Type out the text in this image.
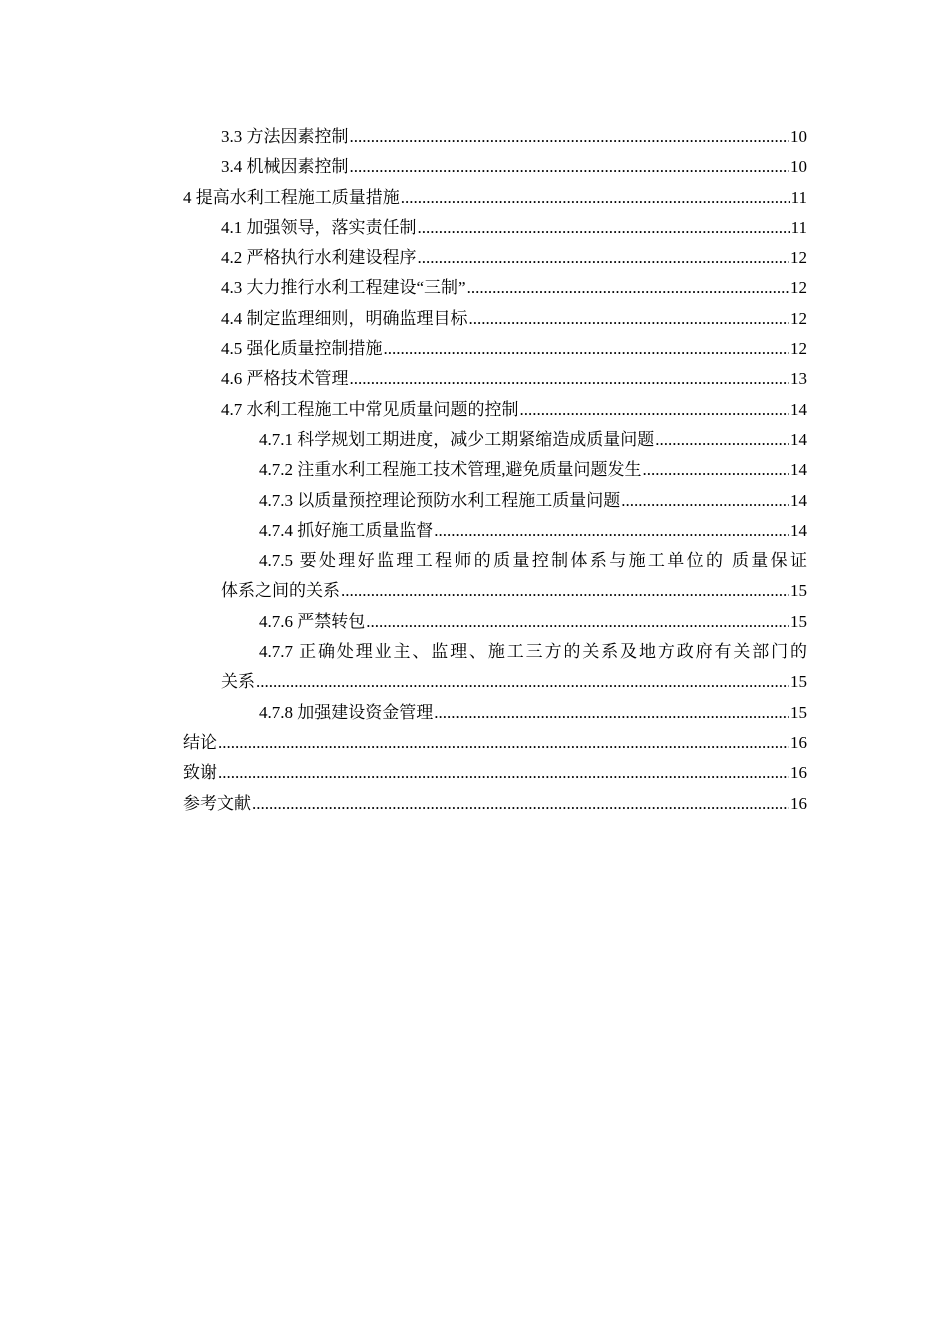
3.3 方法因素控制 .....	10
3.4 机械因素控制 .....	10
4 提高水利工程施工质量措施 .....	11
4.1 加强领导，落实责任制 .....	11
4.2 严格执行水利建设程序 .....	12
4.3 大力推行水利工程建设“三制” .....	12
4.4 制定监理细则，明确监理目标 .....	12
4.5 强化质量控制措施 .....	12
4.6 严格技术管理 .....	13
4.7 水利工程施工中常见质量问题的控制 .....	14
4.7.1 科学规划工期进度，减少工期紧缩造成质量问题 .....	14
4.7.2 注重水利工程施工技术管理,避免质量问题发生 .....	14
4.7.3 以质量预控理论预防水利工程施工质量问题 .....	14
4.7.4 抓好施工质量监督 .....	14
4.7.5 要处理好监理工程师的质量控制体系与施工单位的 质量保证
体系之间的关系 .....	15
4.7.6 严禁转包 .....	15
4.7.7 正确处理业主、监理、施工三方的关系及地方政府有关部门的
关系 .....	15
4.7.8 加强建设资金管理 .....	15
结论 .....	16
致谢 .....	16
参考文献 .....	16
